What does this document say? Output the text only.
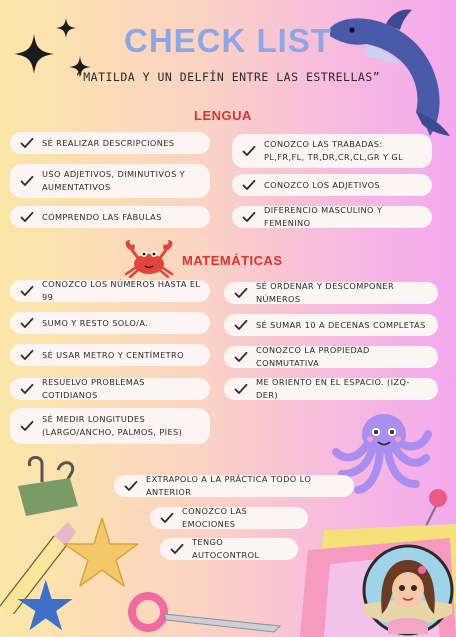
CHECK LIST
“MATILDA Y UN DELFÍN ENTRE LAS ESTRELLAS”
LENGUA
SÉ REALIZAR DESCRIPCIONES
USO ADJETIVOS, DIMINUTIVOS Y AUMENTATIVOS
COMPRENDO LAS FÁBULAS
CONOZCO LAS TRABADAS: PL,FR,FL, TR,DR,CR,CL,GR Y GL
CONOZCO LOS ADJETIVOS
DIFERENCIO MASCULINO Y FEMENINO
MATEMÁTICAS
CONOZCO LOS NÚMEROS HASTA EL 99
SUMO Y RESTO SOLO/A.
SÉ USAR METRO Y CENTÍMETRO
RESUELVO PROBLEMAS COTIDIANOS
SÉ MEDIR LONGITUDES (LARGO/ANCHO, PALMOS, PIES)
SÉ ORDENAR Y DESCOMPONER NÚMEROS
SÉ SUMAR 10 A DECENAS COMPLETAS
CONOZCO LA PROPIEDAD CONMUTATIVA
ME ORIENTO EN EL ESPACIO. (IZQ-DER)
EXTRAPOLO A LA PRÁCTICA TODO LO ANTERIOR
CONOZCO LAS EMOCIONES
TENGO AUTOCONTROL
